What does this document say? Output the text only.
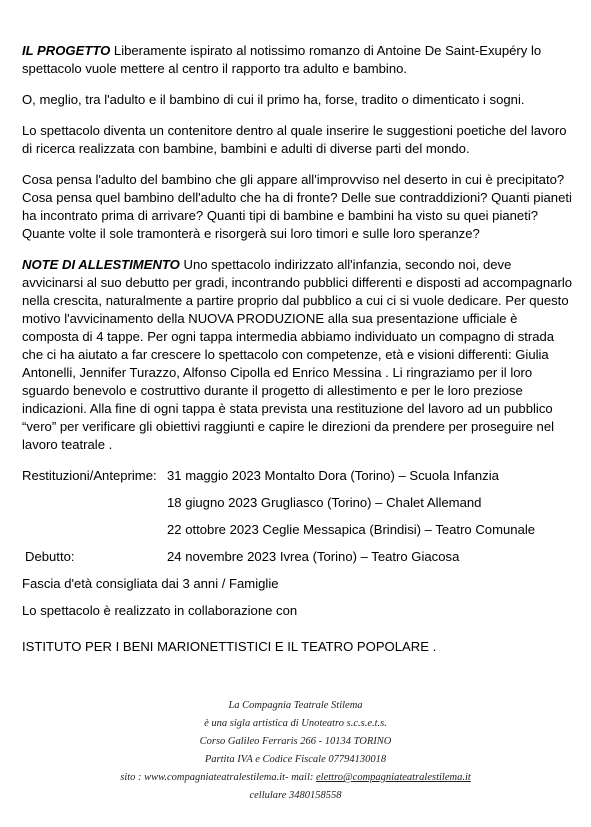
IL PROGETTO Liberamente ispirato al notissimo romanzo di Antoine De Saint-Exupéry lo spettacolo vuole mettere al centro il rapporto tra adulto e bambino.

O, meglio, tra l'adulto e il bambino di cui il primo ha, forse, tradito o dimenticato i sogni.

Lo spettacolo diventa un contenitore dentro al quale inserire le suggestioni poetiche del lavoro di ricerca realizzata con bambine, bambini e adulti di diverse parti del mondo.

Cosa pensa l'adulto del bambino che gli appare all'improvviso nel deserto in cui è precipitato? Cosa pensa quel bambino dell'adulto che ha di fronte? Delle sue contraddizioni? Quanti pianeti ha incontrato prima di arrivare? Quanti tipi di bambine e bambini ha visto su quei pianeti? Quante volte il sole tramonterà e risorgerà sui loro timori e sulle loro speranze?

NOTE DI ALLESTIMENTO Uno spettacolo indirizzato all'infanzia, secondo noi, deve avvicinarsi al suo debutto per gradi, incontrando pubblici differenti e disposti ad accompagnarlo nella crescita, naturalmente a partire proprio dal pubblico a cui ci si vuole dedicare. Per questo motivo l'avvicinamento della NUOVA PRODUZIONE alla sua presentazione ufficiale è composta di 4 tappe. Per ogni tappa intermedia abbiamo individuato un compagno di strada che ci ha aiutato a far crescere lo spettacolo con competenze, età e visioni differenti: Giulia Antonelli, Jennifer Turazzo, Alfonso Cipolla ed Enrico Messina . Li ringraziamo per il loro sguardo benevolo e costruttivo durante il progetto di allestimento e per le loro preziose indicazioni. Alla fine di ogni tappa è stata prevista una restituzione del lavoro ad un pubblico “vero” per verificare gli obiettivi raggiunti e capire le direzioni da prendere per proseguire nel lavoro teatrale .

Restituzioni/Anteprime: 31 maggio 2023 Montalto Dora (Torino) – Scuola Infanzia
18 giugno 2023 Grugliasco (Torino) – Chalet Allemand
22 ottobre 2023 Ceglie Messapica (Brindisi) – Teatro Comunale
Debutto:	24 novembre 2023 Ivrea (Torino) – Teatro Giacosa
Fascia d'età consigliata dai 3 anni / Famiglie
Lo spettacolo è realizzato in collaborazione con
ISTITUTO PER I BENI MARIONETTISTICI E IL TEATRO POPOLARE .
La Compagnia Teatrale Stilema
è una sigla artistica di Unoteatro s.c.s.e.t.s.
Corso Galileo Ferraris 266 - 10134 TORINO
Partita IVA e Codice Fiscale 07794130018
sito : www.compagniateatralestilema.it- mail: elettro@compagniateatralestilema.it
cellulare 3480158558
